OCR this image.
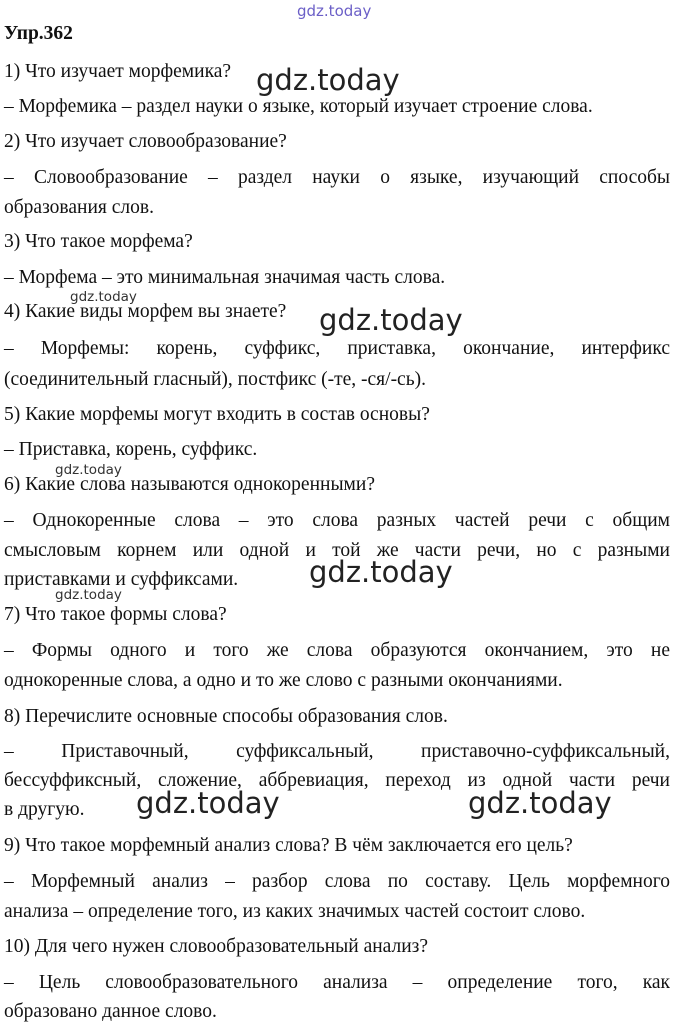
gdz.today
Упр.362
1) Что изучает морфемика?
– Морфемика – раздел науки о языке, который изучает строение слова.
2) Что изучает словообразование?
– Словообразование – раздел науки о языке, изучающий способы
образования слов.
3) Что такое морфема?
– Морфема – это минимальная значимая часть слова.
4) Какие виды морфем вы знаете?
– Морфемы: корень, суффикс, приставка, окончание, интерфикс
(соединительный гласный), постфикс (-те, -ся/-сь).
5) Какие морфемы могут входить в состав основы?
– Приставка, корень, суффикс.
6) Какие слова называются однокоренными?
– Однокоренные слова – это слова разных частей речи с общим
смысловым корнем или одной и той же части речи, но с разными
приставками и суффиксами.
7) Что такое формы слова?
– Формы одного и того же слова образуются окончанием, это не
однокоренные слова, а одно и то же слово с разными окончаниями.
8) Перечислите основные способы образования слов.
– Приставочный, суффиксальный, приставочно-суффиксальный,
бессуффиксный, сложение, аббревиация, переход из одной части речи
в другую.
9) Что такое морфемный анализ слова? В чём заключается его цель?
– Морфемный анализ – разбор слова по составу. Цель морфемного
анализа – определение того, из каких значимых частей состоит слово.
10) Для чего нужен словообразовательный анализ?
– Цель словообразовательного анализа – определение того, как
образовано данное слово.
gdz.today
gdz.today
gdz.today
gdz.today
gdz.today
gdz.today
gdz.today	gdz.today
